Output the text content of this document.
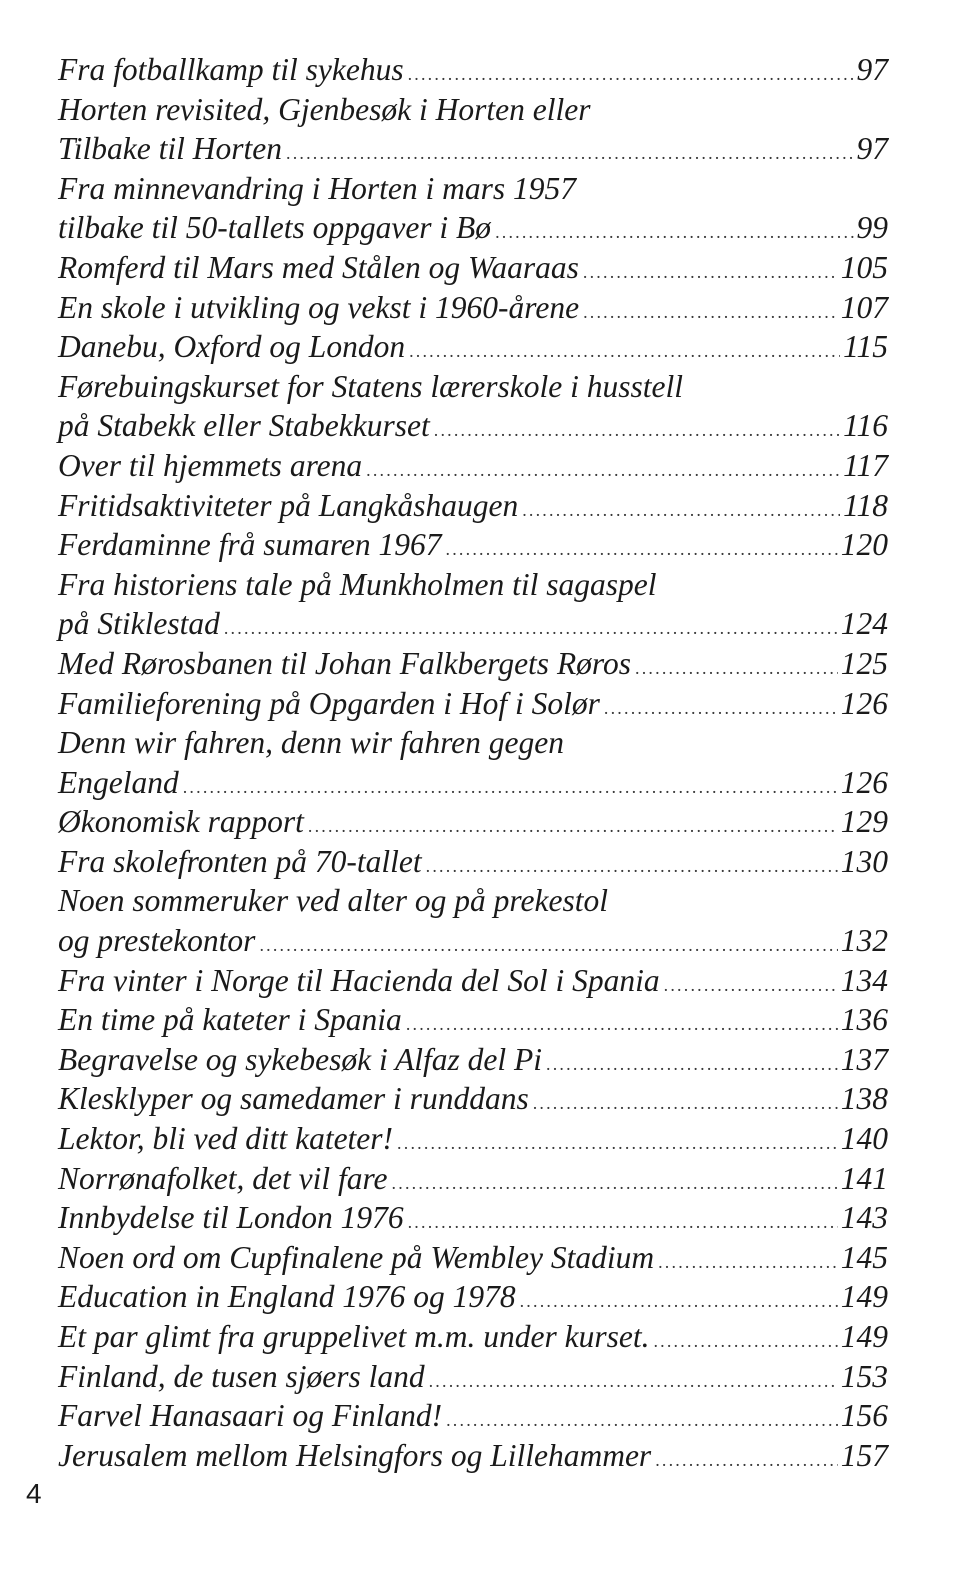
Fra fotballkamp til sykehus .....	97
Horten revisited, Gjenbesøk i Horten eller
Tilbake til Horten .....	97
Fra minnevandring i Horten i mars 1957
tilbake til 50-tallets oppgaver i Bø .....	99
Romferd til Mars med Stålen og Waaraas .....	105
En skole i utvikling og vekst i 1960-årene .....	107
Danebu, Oxford og London .....	115
Førebuingskurset for Statens lærerskole i husstell
på Stabekk eller Stabekkurset .....	116
Over til hjemmets arena .....	117
Fritidsaktiviteter på Langkåshaugen .....	118
Ferdaminne frå sumaren 1967 .....	120
Fra historiens tale på Munkholmen til sagaspel
på Stiklestad .....	124
Med Rørosbanen til Johan Falkbergets Røros .....	125
Familieforening på Opgarden i Hof i Solør .....	126
Denn wir fahren, denn wir fahren gegen
Engeland .....	126
Økonomisk rapport .....	129
Fra skolefronten på 70-tallet .....	130
Noen sommeruker ved alter og på prekestol
og prestekontor .....	132
Fra vinter i Norge til Hacienda del Sol i Spania .....	134
En time på kateter i Spania .....	136
Begravelse og sykebesøk i Alfaz del Pi .....	137
Klesklyper og samedamer i runddans .....	138
Lektor, bli ved ditt kateter! .....	140
Norrønafolket, det vil fare .....	141
Innbydelse til London 1976 .....	143
Noen ord om Cupfinalene på Wembley Stadium .....	145
Education in England 1976 og 1978 .....	149
Et par glimt fra gruppelivet m.m. under kurset. .....	149
Finland, de tusen sjøers land .....	153
Farvel Hanasaari og Finland! .....	156
Jerusalem mellom Helsingfors og Lillehammer .....	157
4
